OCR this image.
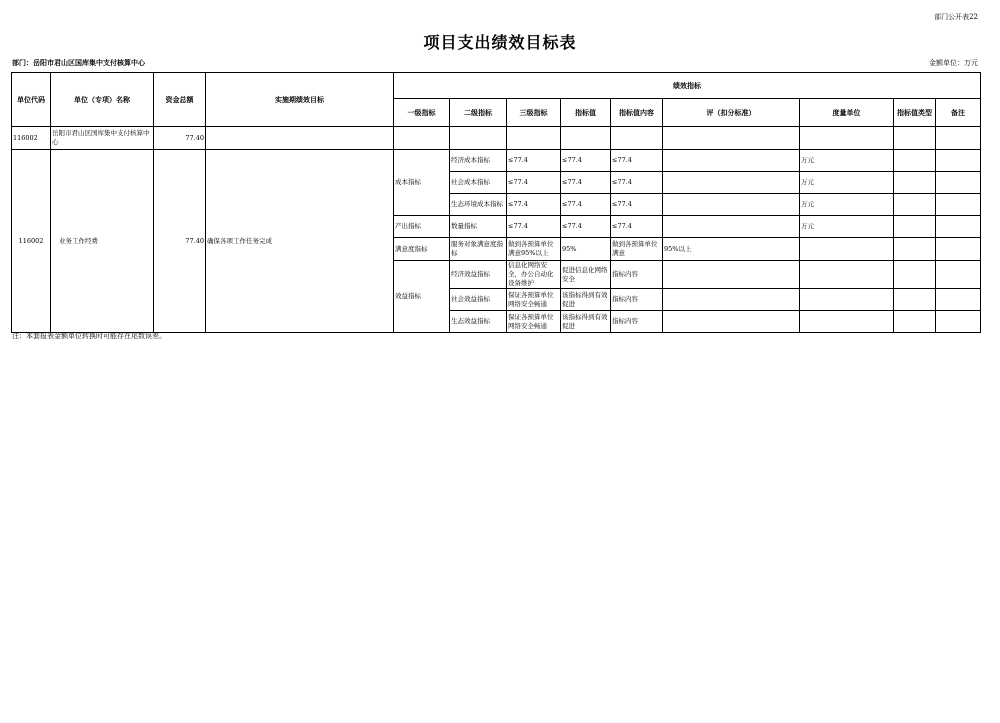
部门公开表22
项目支出绩效目标表
部门：岳阳市君山区国库集中支付核算中心	金额单位：万元
单位代码	单位（专项）名称	资金总额	实施期绩效目标	绩效指标								
				一级指标	二级指标	三级指标	指标值	指标值内容	评（扣分标准）	度量单位	指标值类型	备注
116002	岳阳市君山区国库集中支付核算中心	77.40										
116002	业务工作经费	77.40	确保各项工作任务完成	成本指标	经济成本指标	≤77.4	≤77.4	≤77.4		万元		
					社会成本指标	≤77.4	≤77.4	≤77.4		万元		
					生态环境成本指标	≤77.4	≤77.4	≤77.4		万元		
				产出指标	数量指标	≤77.4	≤77.4	≤77.4		万元		
				满意度指标	服务对象满意度指标	做到各预算单位满意95%以上	95%	做到各预算单位满意	95%以上			
				效益指标	经济效益指标	信息化网络安全，办公自动化设备维护	促进信息化网络安全	指标内容				
					社会效益指标	保证各预算单位网络安全畅通	该指标得到有效促进	指标内容				
					生态效益指标	保证各预算单位网络安全畅通	该指标得到有效促进	指标内容				
注：本套报表金额单位转换时可能存在尾数误差。
